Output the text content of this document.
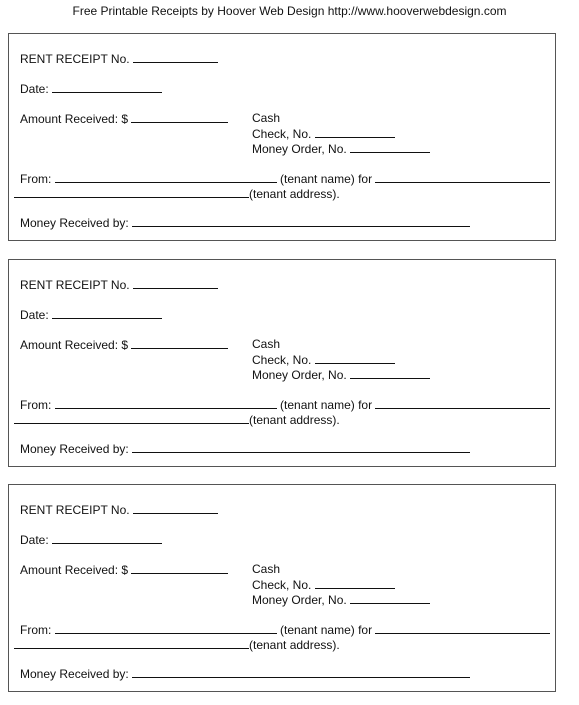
Free Printable Receipts by Hoover Web Design http://www.hooverwebdesign.com
RENT RECEIPT No.
Date:
Amount Received: $	Cash
Check, No.
Money Order, No.
From:	(tenant name) for
(tenant address).
Money Received by:
RENT RECEIPT No.
Date:
Amount Received: $	Cash
Check, No.
Money Order, No.
From:	(tenant name) for
(tenant address).
Money Received by:
RENT RECEIPT No.
Date:
Amount Received: $	Cash
Check, No.
Money Order, No.
From:	(tenant name) for
(tenant address).
Money Received by:
